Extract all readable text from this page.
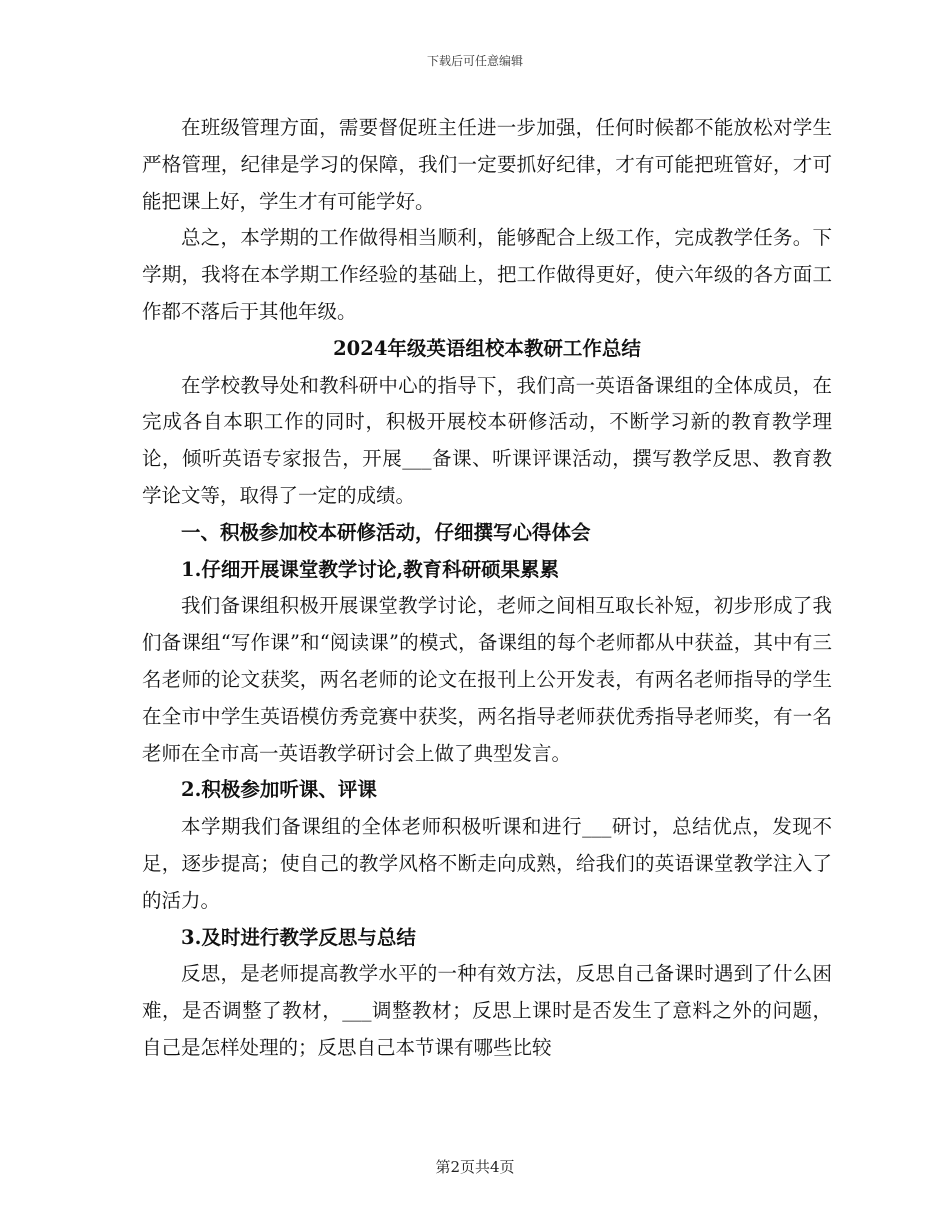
下载后可任意编辑

在班级管理方面，需要督促班主任进一步加强，任何时候都不能放松对学生严格管理，纪律是学习的保障，我们一定要抓好纪律，才有可能把班管好，才可能把课上好，学生才有可能学好。

总之，本学期的工作做得相当顺利，能够配合上级工作，完成教学任务。下学期，我将在本学期工作经验的基础上，把工作做得更好，使六年级的各方面工作都不落后于其他年级。

2024年级英语组校本教研工作总结

在学校教导处和教科研中心的指导下，我们高一英语备课组的全体成员，在完成各自本职工作的同时，积极开展校本研修活动，不断学习新的教育教学理论，倾听英语专家报告，开展___备课、听课评课活动，撰写教学反思、教育教学论文等，取得了一定的成绩。

一、积极参加校本研修活动，仔细撰写心得体会

1.仔细开展课堂教学讨论,教育科研硕果累累

我们备课组积极开展课堂教学讨论，老师之间相互取长补短，初步形成了我们备课组“写作课”和“阅读课”的模式，备课组的每个老师都从中获益，其中有三名老师的论文获奖，两名老师的论文在报刊上公开发表，有两名老师指导的学生在全市中学生英语模仿秀竞赛中获奖，两名指导老师获优秀指导老师奖，有一名老师在全市高一英语教学研讨会上做了典型发言。

2.积极参加听课、评课

本学期我们备课组的全体老师积极听课和进行___研讨，总结优点，发现不足，逐步提高；使自己的教学风格不断走向成熟，给我们的英语课堂教学注入了的活力。

3.及时进行教学反思与总结

反思，是老师提高教学水平的一种有效方法，反思自己备课时遇到了什么困难，是否调整了教材，___调整教材；反思上课时是否发生了意料之外的问题，自己是怎样处理的；反思自己本节课有哪些比较

第2页共4页
